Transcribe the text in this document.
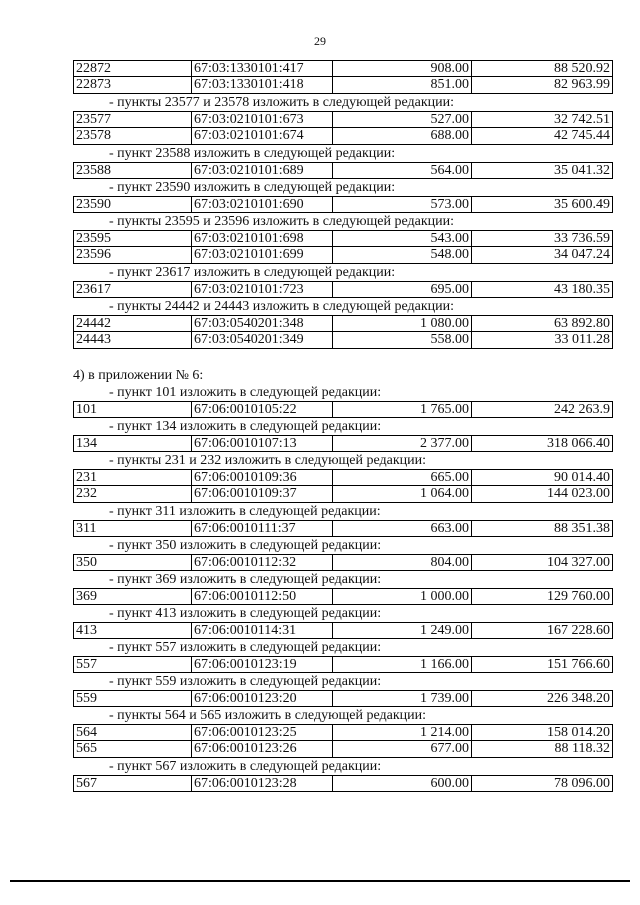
29
22872	67:03:1330101:417	908.00	88 520.92
22873	67:03:1330101:418	851.00	82 963.99
- пункты 23577 и 23578 изложить в следующей редакции:
23577	67:03:0210101:673	527.00	32 742.51
23578	67:03:0210101:674	688.00	42 745.44
- пункт 23588 изложить в следующей редакции:
23588	67:03:0210101:689	564.00	35 041.32
- пункт 23590 изложить в следующей редакции:
23590	67:03:0210101:690	573.00	35 600.49
- пункты 23595 и 23596 изложить в следующей редакции:
23595	67:03:0210101:698	543.00	33 736.59
23596	67:03:0210101:699	548.00	34 047.24
- пункт 23617 изложить в следующей редакции:
23617	67:03:0210101:723	695.00	43 180.35
- пункты 24442 и 24443 изложить в следующей редакции:
24442	67:03:0540201:348	1 080.00	63 892.80
24443	67:03:0540201:349	558.00	33 011.28
4) в приложении № 6:
- пункт 101 изложить в следующей редакции:
101	67:06:0010105:22	1 765.00	242 263.9
- пункт 134 изложить в следующей редакции:
134	67:06:0010107:13	2 377.00	318 066.40
- пункты 231 и 232 изложить в следующей редакции:
231	67:06:0010109:36	665.00	90 014.40
232	67:06:0010109:37	1 064.00	144 023.00
- пункт 311 изложить в следующей редакции:
311	67:06:0010111:37	663.00	88 351.38
- пункт 350 изложить в следующей редакции:
350	67:06:0010112:32	804.00	104 327.00
- пункт 369 изложить в следующей редакции:
369	67:06:0010112:50	1 000.00	129 760.00
- пункт 413 изложить в следующей редакции:
413	67:06:0010114:31	1 249.00	167 228.60
- пункт 557 изложить в следующей редакции:
557	67:06:0010123:19	1 166.00	151 766.60
- пункт 559 изложить в следующей редакции:
559	67:06:0010123:20	1 739.00	226 348.20
- пункты 564 и 565 изложить в следующей редакции:
564	67:06:0010123:25	1 214.00	158 014.20
565	67:06:0010123:26	677.00	88 118.32
- пункт 567 изложить в следующей редакции:
567	67:06:0010123:28	600.00	78 096.00
